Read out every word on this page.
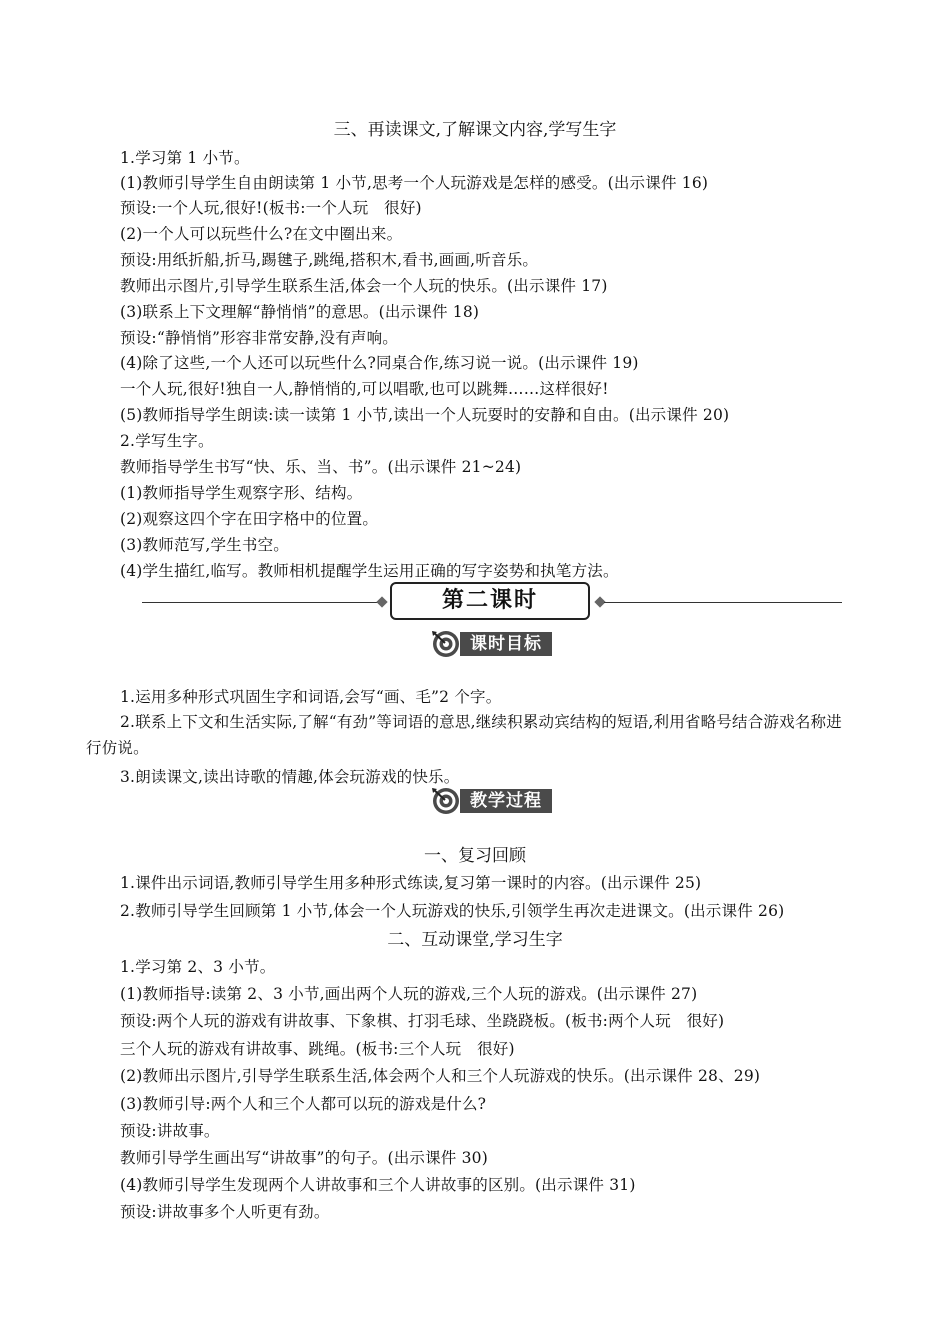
三、再读课文,了解课文内容,学写生字
1.学习第 1 小节。
(1)教师引导学生自由朗读第 1 小节,思考一个人玩游戏是怎样的感受。(出示课件 16)
预设:一个人玩,很好!(板书:一个人玩　很好)
(2)一个人可以玩些什么?在文中圈出来。
预设:用纸折船,折马,踢毽子,跳绳,搭积木,看书,画画,听音乐。
教师出示图片,引导学生联系生活,体会一个人玩的快乐。(出示课件 17)
(3)联系上下文理解“静悄悄”的意思。(出示课件 18)
预设:“静悄悄”形容非常安静,没有声响。
(4)除了这些,一个人还可以玩些什么?同桌合作,练习说一说。(出示课件 19)
一个人玩,很好!独自一人,静悄悄的,可以唱歌,也可以跳舞……这样很好!
(5)教师指导学生朗读:读一读第 1 小节,读出一个人玩耍时的安静和自由。(出示课件 20)
2.学写生字。
教师指导学生书写“快、乐、当、书”。(出示课件 21~24)
(1)教师指导学生观察字形、结构。
(2)观察这四个字在田字格中的位置。
(3)教师范写,学生书空。
(4)学生描红,临写。教师相机提醒学生运用正确的写字姿势和执笔方法。
第二课时
课时目标
1.运用多种形式巩固生字和词语,会写“画、毛”2 个字。
2.联系上下文和生活实际,了解“有劲”等词语的意思,继续积累动宾结构的短语,利用省略号结合游戏名称进行仿说。
3.朗读课文,读出诗歌的情趣,体会玩游戏的快乐。
教学过程
一、复习回顾
1.课件出示词语,教师引导学生用多种形式练读,复习第一课时的内容。(出示课件 25)
2.教师引导学生回顾第 1 小节,体会一个人玩游戏的快乐,引领学生再次走进课文。(出示课件 26)
二、互动课堂,学习生字
1.学习第 2、3 小节。
(1)教师指导:读第 2、3 小节,画出两个人玩的游戏,三个人玩的游戏。(出示课件 27)
预设:两个人玩的游戏有讲故事、下象棋、打羽毛球、坐跷跷板。(板书:两个人玩　很好)
三个人玩的游戏有讲故事、跳绳。(板书:三个人玩　很好)
(2)教师出示图片,引导学生联系生活,体会两个人和三个人玩游戏的快乐。(出示课件 28、29)
(3)教师引导:两个人和三个人都可以玩的游戏是什么?
预设:讲故事。
教师引导学生画出写“讲故事”的句子。(出示课件 30)
(4)教师引导学生发现两个人讲故事和三个人讲故事的区别。(出示课件 31)
预设:讲故事多个人听更有劲。
